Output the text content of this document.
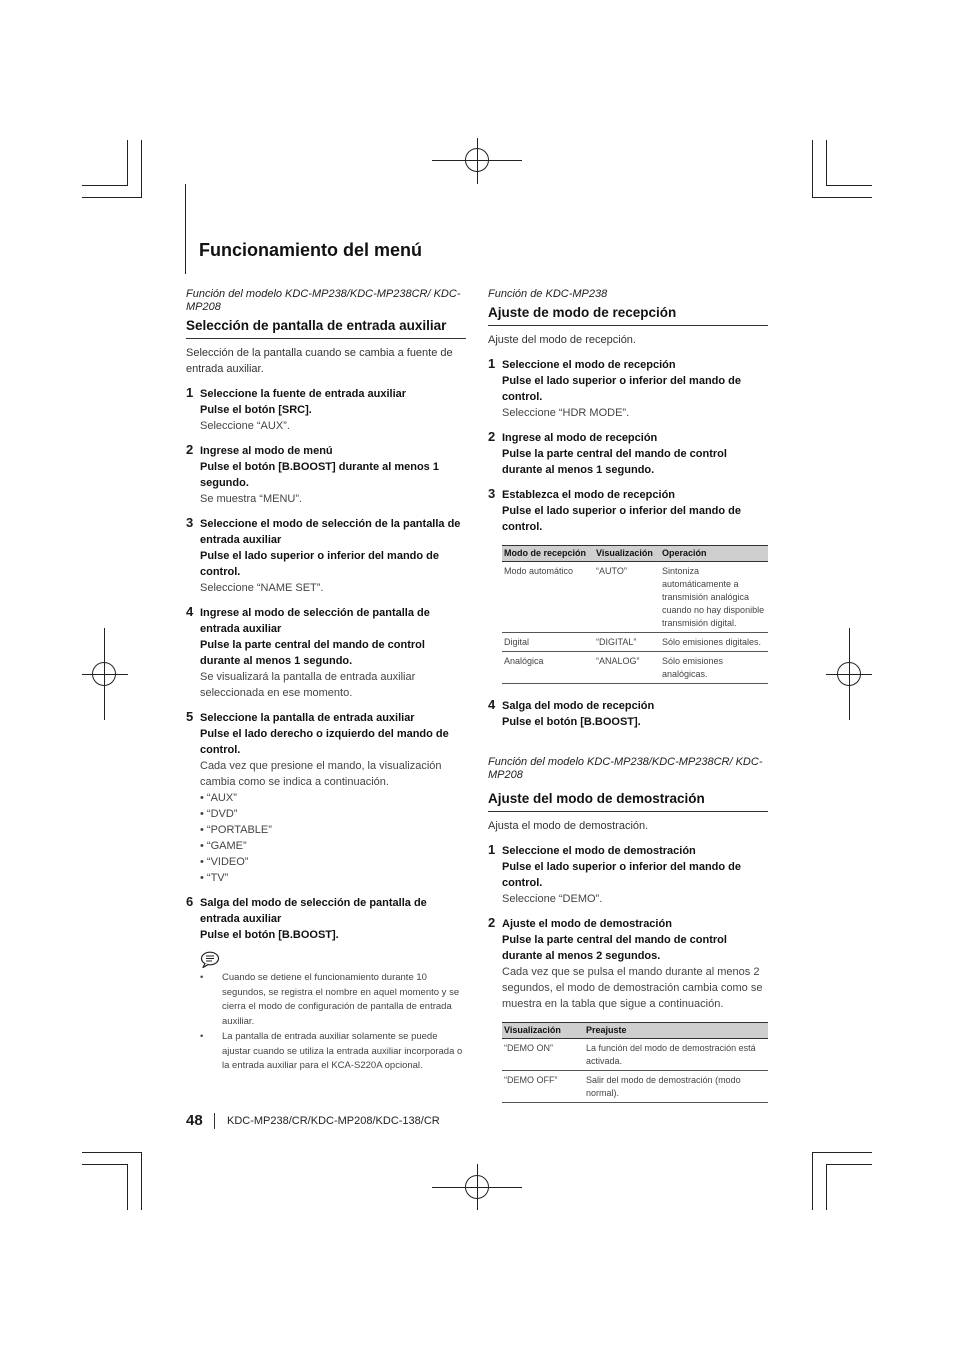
Funcionamiento del menú
Función del modelo KDC-MP238/KDC-MP238CR/ KDC-MP208
Selección de pantalla de entrada auxiliar
Selección de la pantalla cuando se cambia a fuente de entrada auxiliar.
1 Seleccione la fuente de entrada auxiliar
Pulse el botón [SRC].
Seleccione “AUX”.
2 Ingrese al modo de menú
Pulse el botón [B.BOOST] durante al menos 1 segundo.
Se muestra “MENU”.
3 Seleccione el modo de selección de la pantalla de entrada auxiliar
Pulse el lado superior o inferior del mando de control.
Seleccione “NAME SET”.
4 Ingrese al modo de selección de pantalla de entrada auxiliar
Pulse la parte central del mando de control durante al menos 1 segundo.
Se visualizará la pantalla de entrada auxiliar seleccionada en ese momento.
5 Seleccione la pantalla de entrada auxiliar
Pulse el lado derecho o izquierdo del mando de control.
Cada vez que presione el mando, la visualización cambia como se indica a continuación.
• “AUX”
• “DVD”
• “PORTABLE”
• “GAME”
• “VIDEO”
• “TV”
6 Salga del modo de selección de pantalla de entrada auxiliar
Pulse el botón [B.BOOST].
• Cuando se detiene el funcionamiento durante 10 segundos, se registra el nombre en aquel momento y se cierra el modo de configuración de pantalla de entrada auxiliar.
• La pantalla de entrada auxiliar solamente se puede ajustar cuando se utiliza la entrada auxiliar incorporada o la entrada auxiliar para el KCA-S220A opcional.
Función de KDC-MP238
Ajuste de modo de recepción
Ajuste del modo de recepción.
1 Seleccione el modo de recepción
Pulse el lado superior o inferior del mando de control.
Seleccione “HDR MODE”.
2 Ingrese al modo de recepción
Pulse la parte central del mando de control durante al menos 1 segundo.
3 Establezca el modo de recepción
Pulse el lado superior o inferior del mando de control.
Modo de recepción	Visualización	Operación
Modo automático	“AUTO”	Sintoniza automáticamente a transmisión analógica cuando no hay disponible transmisión digital.
Digital	“DIGITAL”	Sólo emisiones digitales.
Analógica	“ANALOG”	Sólo emisiones analógicas.
4 Salga del modo de recepción
Pulse el botón [B.BOOST].
Función del modelo KDC-MP238/KDC-MP238CR/ KDC-MP208
Ajuste del modo de demostración
Ajusta el modo de demostración.
1 Seleccione el modo de demostración
Pulse el lado superior o inferior del mando de control.
Seleccione “DEMO”.
2 Ajuste el modo de demostración
Pulse la parte central del mando de control durante al menos 2 segundos.
Cada vez que se pulsa el mando durante al menos 2 segundos, el modo de demostración cambia como se muestra en la tabla que sigue a continuación.
Visualización	Preajuste
“DEMO ON”	La función del modo de demostración está activada.
“DEMO OFF”	Salir del modo de demostración (modo normal).
48 KDC-MP238/CR/KDC-MP208/KDC-138/CR
